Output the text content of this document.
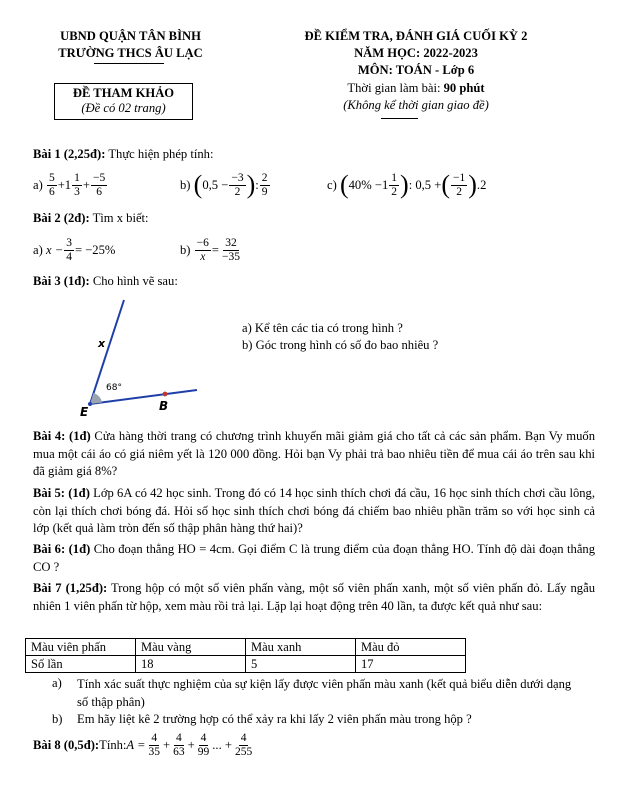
UBND QUẬN TÂN BÌNH
TRƯỜNG THCS ÂU LẠC
ĐỀ THAM KHẢO
(Đề có 02 trang)
ĐỀ KIỂM TRA, ĐÁNH GIÁ CUỐI KỲ 2
NĂM HỌC: 2022-2023
MÔN: TOÁN - Lớp 6
Thời gian làm bài: 90 phút
(Không kể thời gian giao đề)
Bài 1 (2,25đ): Thực hiện phép tính:
a)
$\frac{5}{6} +1 \frac{1}{3} + \frac{-5}{6}$	b)
( $0,5 - \frac{-3}{2}$ ) : $\frac{2}{9}$	c)
( $40\% -1 \frac{1}{2}$ ) : 0,5 + ( $\frac{-1}{2}$ ) .2
Bài 2 (2đ): Tìm x biết:
a)
$x - \frac{3}{4} = -25\%$	b)
$\frac{-6}{x} = \frac{32}{-35}$
Bài 3 (1đ): Cho hình vẽ sau:
x
68°
E	B
a) Kể tên các tia có trong hình ?
b) Góc trong hình có số đo bao nhiêu ?
Bài 4: (1đ) Cửa hàng thời trang có chương trình khuyến mãi giảm giá cho tất cả các sản phẩm. Bạn Vy muốn mua một cái áo có giá niêm yết là 120 000 đồng. Hỏi bạn Vy phải trả bao nhiêu tiền để mua cái áo trên sau khi đã giảm giá 8%?
Bài 5: (1đ) Lớp 6A có 42 học sinh. Trong đó có 14 học sinh thích chơi đá cầu, 16 học sinh thích chơi cầu lông, còn lại thích chơi bóng đá. Hỏi số học sinh thích chơi bóng đá chiếm bao nhiêu phần trăm so với học sinh cả lớp (kết quả làm tròn đến số thập phân hàng thứ hai)?
Bài 6: (1đ) Cho đoạn thẳng HO = 4cm. Gọi điểm C là trung điểm của đoạn thẳng HO. Tính độ dài đoạn thẳng CO ?
Bài 7 (1,25đ): Trong hộp có một số viên phấn vàng, một số viên phấn xanh, một số viên phấn đỏ. Lấy ngẫu nhiên 1 viên phấn từ hộp, xem màu rồi trả lại. Lặp lại hoạt động trên 40 lần, ta được kết quả như sau:
Màu viên phấn	Màu vàng	Màu xanh	Màu đỏ
Số lần	18	5	17
a) Tính xác suất thực nghiệm của sự kiện lấy được viên phấn màu xanh (kết quả biểu diễn dưới dạng số thập phân)
b) Em hãy liệt kê 2 trường hợp có thể xảy ra khi lấy 2 viên phấn màu trong hộp ?
Bài 8 (0,5đ): Tính: $A = \frac{4}{35} + \frac{4}{63} + \frac{4}{99}$ ... + $\frac{4}{255}$
